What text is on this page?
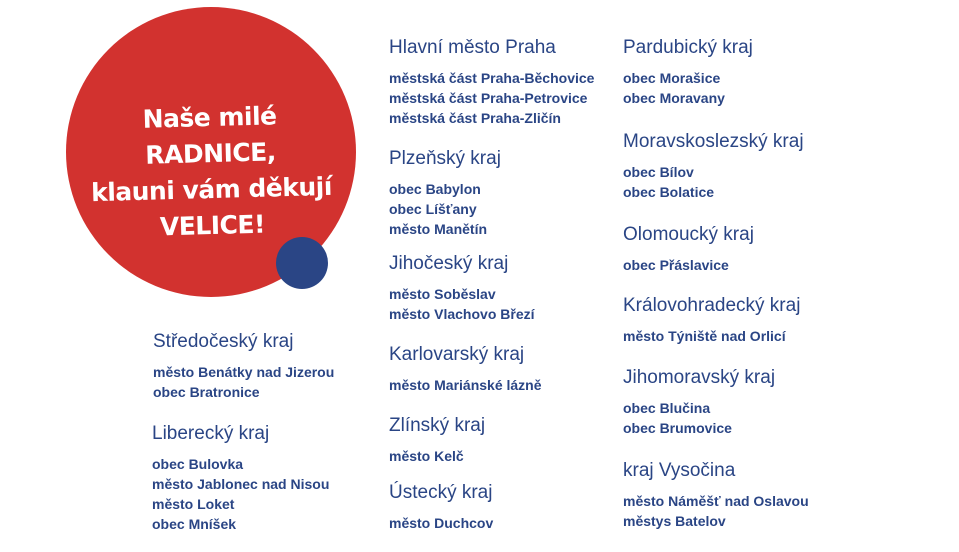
Naše milé RADNICE,
klauni vám děkují
VELICE!
Středočeský kraj
město Benátky nad Jizerou
obec Bratronice
Liberecký kraj
obec Bulovka
město Jablonec nad Nisou
město Loket
obec Mníšek
Hlavní město Praha
městská část Praha-Běchovice
městská část Praha-Petrovice
městská část Praha-Zličín
Plzeňský kraj
obec Babylon
obec Líšťany
město Manětín
Jihočeský kraj
město Soběslav
město Vlachovo Březí
Karlovarský kraj
město Mariánské lázně
Zlínský kraj
město Kelč
Ústecký kraj
město Duchcov
Pardubický kraj
obec Morašice
obec Moravany
Moravskoslezský kraj
obec Bílov
obec Bolatice
Olomoucký kraj
obec Přáslavice
Královohradecký kraj
město Týniště nad Orlicí
Jihomoravský kraj
obec Blučina
obec Brumovice
kraj Vysočina
město Náměšť nad Oslavou
městys Batelov
